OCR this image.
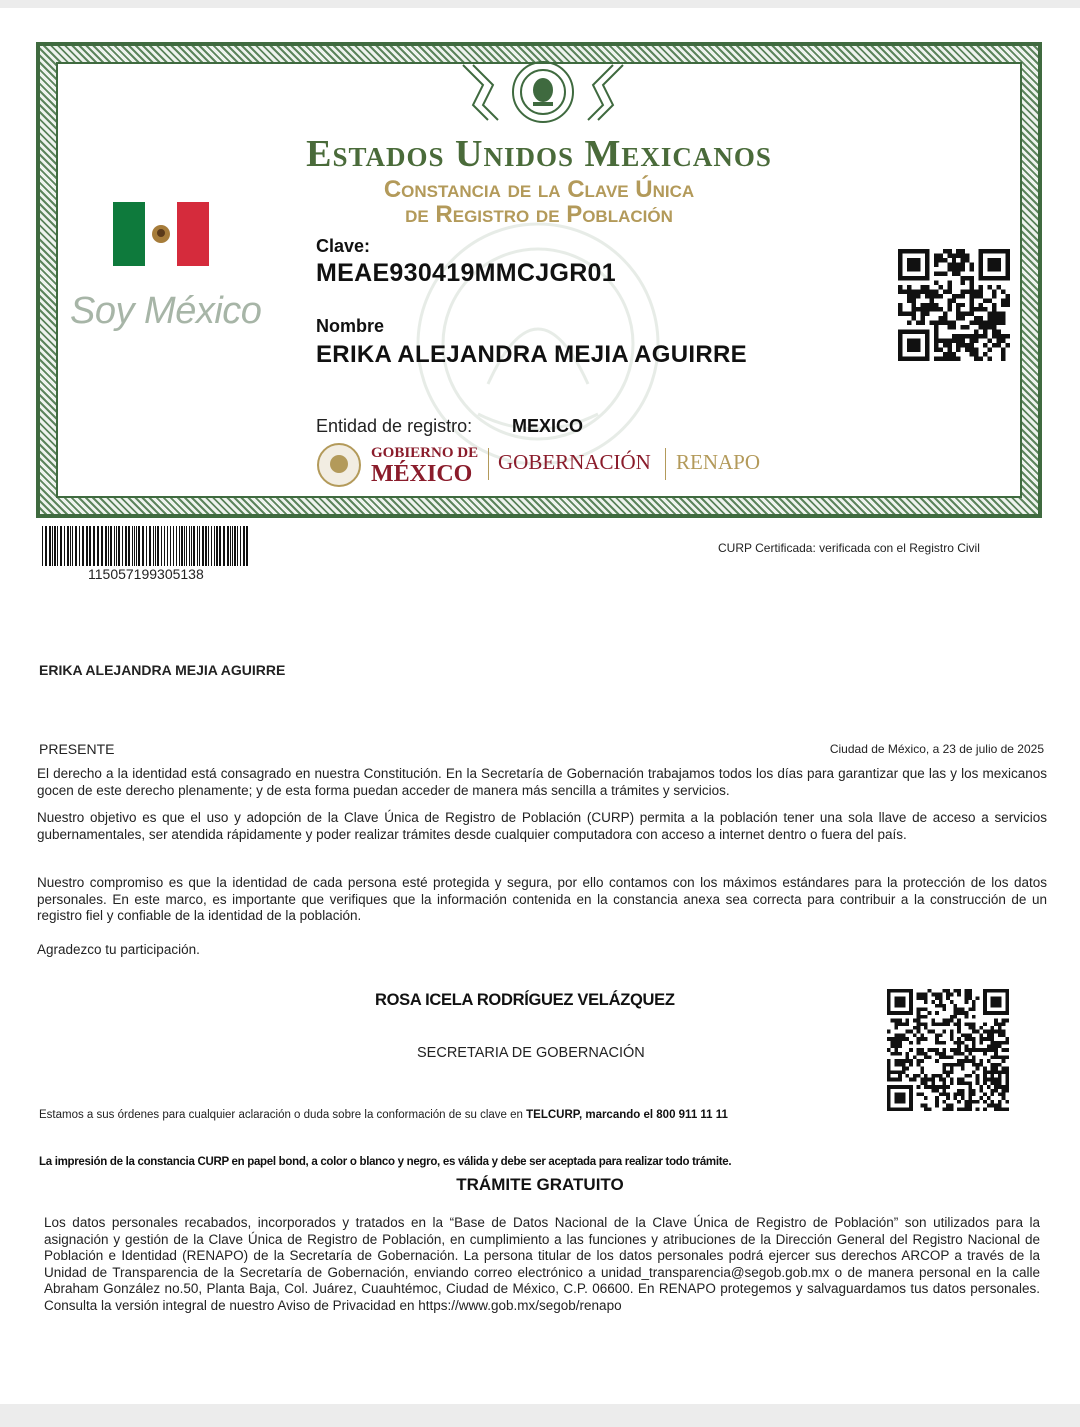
Estados Unidos Mexicanos
Constancia de la Clave Única
de Registro de Población
Soy México
Clave:
MEAE930419MMCJGR01
Nombre
ERIKA ALEJANDRA MEJIA AGUIRRE
Entidad de registro: MEXICO
GOBIERNO DE
MÉXICO GOBERNACIÓN RENAPO
115057199305138
CURP Certificada: verificada con el Registro Civil
ERIKA ALEJANDRA MEJIA AGUIRRE
PRESENTE	Ciudad de México, a 23 de julio de 2025

El derecho a la identidad está consagrado en nuestra Constitución. En la Secretaría de Gobernación trabajamos todos los días para garantizar que las y los mexicanos gocen de este derecho plenamente; y de esta forma puedan acceder de manera más sencilla a trámites y servicios.

Nuestro objetivo es que el uso y adopción de la Clave Única de Registro de Población (CURP) permita a la población tener una sola llave de acceso a servicios gubernamentales, ser atendida rápidamente y poder realizar trámites desde cualquier computadora con acceso a internet dentro o fuera del país.

Nuestro compromiso es que la identidad de cada persona esté protegida y segura, por ello contamos con los máximos estándares para la protección de los datos personales. En este marco, es importante que verifiques que la información contenida en la constancia anexa sea correcta para contribuir a la construcción de un registro fiel y confiable de la identidad de la población.

Agradezco tu participación.

ROSA ICELA RODRÍGUEZ VELÁZQUEZ
SECRETARIA DE GOBERNACIÓN
Estamos a sus órdenes para cualquier aclaración o duda sobre la conformación de su clave en TELCURP, marcando el 800 911 11 11
La impresión de la constancia CURP en papel bond, a color o blanco y negro, es válida y debe ser aceptada para realizar todo trámite.
TRÁMITE GRATUITO

Los datos personales recabados, incorporados y tratados en la “Base de Datos Nacional de la Clave Única de Registro de Población” son utilizados para la asignación y gestión de la Clave Única de Registro de Población, en cumplimiento a las funciones y atribuciones de la Dirección General del Registro Nacional de Población e Identidad (RENAPO) de la Secretaría de Gobernación. La persona titular de los datos personales podrá ejercer sus derechos ARCOP a través de la Unidad de Transparencia de la Secretaría de Gobernación, enviando correo electrónico a unidad_transparencia@segob.gob.mx o de manera personal en la calle Abraham González no.50, Planta Baja, Col. Juárez, Cuauhtémoc, Ciudad de México, C.P. 06600. En RENAPO protegemos y salvaguardamos tus datos personales. Consulta la versión integral de nuestro Aviso de Privacidad en https://www.gob.mx/segob/renapo
